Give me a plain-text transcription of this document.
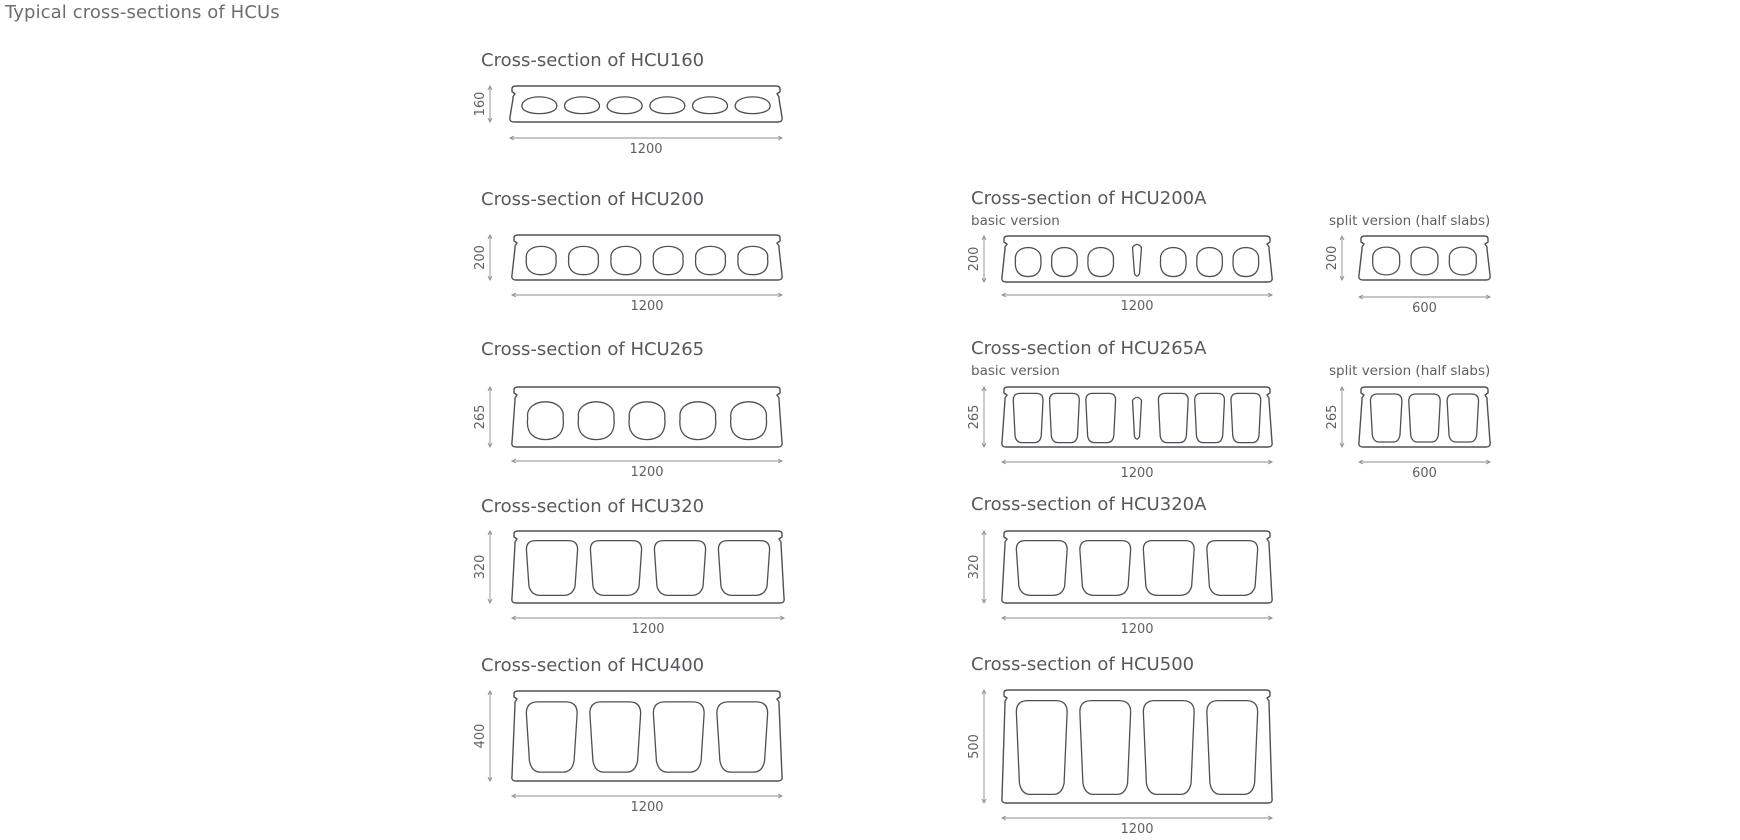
Typical cross-sections of HCUs
Cross-section of HCU160
160
1200
Cross-section of HCU200
200
1200
Cross-section of HCU265
265
1200
Cross-section of HCU320
320
1200
Cross-section of HCU400
400
1200
Cross-section of HCU200A
basic version	split version (half slabs)
200
1200
200
600
Cross-section of HCU265A
basic version	split version (half slabs)
265
1200
265
600
Cross-section of HCU320A
320
1200
Cross-section of HCU500
500
1200
